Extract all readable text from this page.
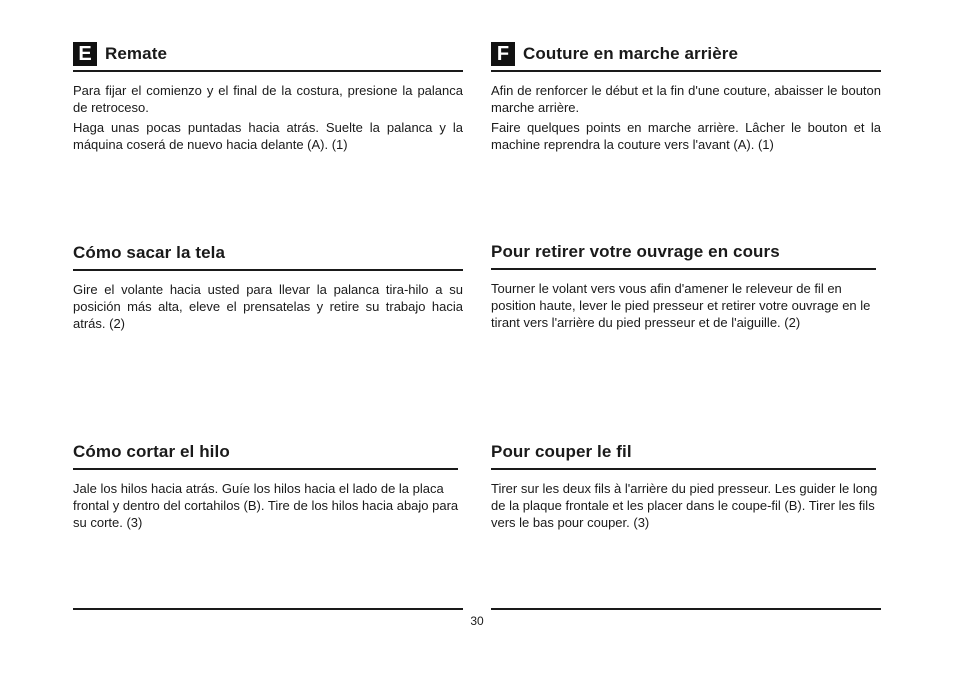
E Remate

Para fijar el comienzo y el final de la costura, presione la palanca de retroceso.

Haga unas pocas puntadas hacia atrás. Suelte la palanca y la máquina coserá de nuevo hacia delante (A). (1)

Cómo sacar la tela

Gire el volante hacia usted para llevar la palanca tira-hilo a su posición más alta, eleve el prensatelas y retire su trabajo hacia atrás. (2)

Cómo cortar el hilo

Jale los hilos hacia atrás. Guíe los hilos hacia el lado de la placa frontal y dentro del cortahilos (B). Tire de los hilos hacia abajo para su corte. (3)

F Couture en marche arrière

Afin de renforcer le début et la fin d'une couture, abaisser le bouton marche arrière.

Faire quelques points en marche arrière. Lâcher le bouton et la machine reprendra la couture vers l'avant (A). (1)

Pour retirer votre ouvrage en cours

Tourner le volant vers vous afin d'amener le releveur de fil en position haute, lever le pied presseur et retirer votre ouvrage en le tirant vers l'arrière du pied presseur et de l'aiguille. (2)

Pour couper le fil

Tirer sur les deux fils à l'arrière du pied presseur. Les guider le long de la plaque frontale et les placer dans le coupe-fil (B). Tirer les fils vers le bas pour couper. (3)

30
